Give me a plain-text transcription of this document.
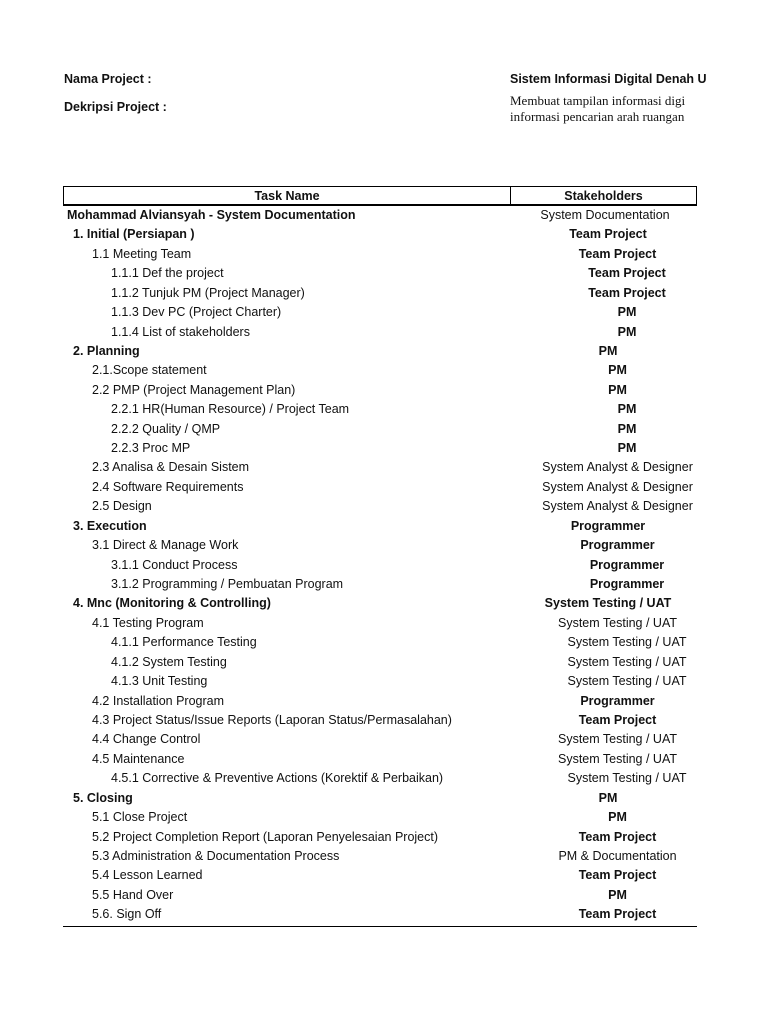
Nama Project :	Sistem Informasi Digital Denah U
Dekripsi Project :	Membuat tampilan informasi digi
informasi pencarian arah ruangan
Task Name	Stakeholders
Mohammad Alviansyah - System Documentation	System Documentation
1. Initial (Persiapan )	Team Project
1.1 Meeting Team	Team Project
1.1.1 Def the project	Team Project
1.1.2 Tunjuk PM (Project Manager)	Team Project
1.1.3 Dev PC (Project Charter)	PM
1.1.4 List of stakeholders	PM
2. Planning	PM
2.1.Scope statement	PM
2.2 PMP (Project Management Plan)	PM
2.2.1 HR(Human Resource) / Project Team	PM
2.2.2 Quality / QMP	PM
2.2.3 Proc MP	PM
2.3 Analisa & Desain Sistem	System Analyst & Designer
2.4 Software Requirements	System Analyst & Designer
2.5 Design	System Analyst & Designer
3. Execution	Programmer
3.1 Direct & Manage Work	Programmer
3.1.1 Conduct Process	Programmer
3.1.2 Programming / Pembuatan Program	Programmer
4. Mnc (Monitoring & Controlling)	System Testing / UAT
4.1 Testing Program	System Testing / UAT
4.1.1 Performance Testing	System Testing / UAT
4.1.2 System Testing	System Testing / UAT
4.1.3 Unit Testing	System Testing / UAT
4.2 Installation Program	Programmer
4.3 Project Status/Issue Reports (Laporan Status/Permasalahan)	Team Project
4.4 Change Control	System Testing / UAT
4.5 Maintenance	System Testing / UAT
4.5.1 Corrective & Preventive Actions (Korektif & Perbaikan)	System Testing / UAT
5. Closing	PM
5.1 Close Project	PM
5.2 Project Completion Report (Laporan Penyelesaian Project)	Team Project
5.3 Administration & Documentation Process	PM & Documentation
5.4 Lesson Learned	Team Project
5.5 Hand Over	PM
5.6. Sign Off	Team Project
